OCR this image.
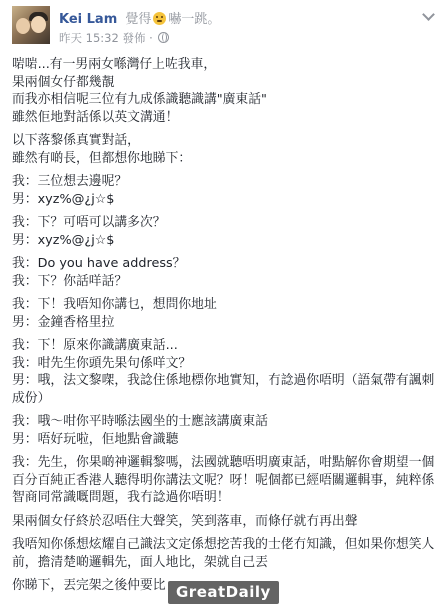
Kei Lam 覺得 嚇一跳。
昨天 15:32 發佈 ·

啱啱...有一男兩女喺灣仔上咗我車，
果兩個女仔都幾靚
而我亦相信呢三位有九成係識聽識講"廣東話"
雖然佢地對話係以英文溝通！

以下落黎係真實對話，
雖然有啲長，但都想你地睇下：

我：三位想去邊呢？
男：xyz%@¿j☆$

我：下？可唔可以講多次？
男：xyz%@¿j☆$

我：Do you have address？
我：下？你話咩話？

我：下！我唔知你講乜，想問你地址
男：金鐘香格里拉

我：下！原來你識講廣東話...
我：咁先生你頭先果句係咩文？
男：哦，法文黎㗎，我諗住係地標你地實知，冇諗過你唔明（語氣帶有諷刺成份）

我：哦～咁你平時喺法國坐的士應該講廣東話
男：唔好玩啦，佢地點會識聽

我：先生，你果啲神邏輯黎嗎，法國就聽唔明廣東話，咁點解你會期望一個百分百純正香港人聽得明你講法文呢？呀！呢個都已經唔關邏輯事，純粹係智商同常識嘅問題，我冇諗過你唔明！

果兩個女仔終於忍唔住大聲笑，笑到落車，而條仔就冇再出聲

我唔知你係想炫耀自己識法文定係想挖苦我的士佬冇知識，但如果你想笑人前，擔清楚啲邏輯先，面人地比，架就自己丟

你睇下，丟完架之後仲要比 GreatDaily
